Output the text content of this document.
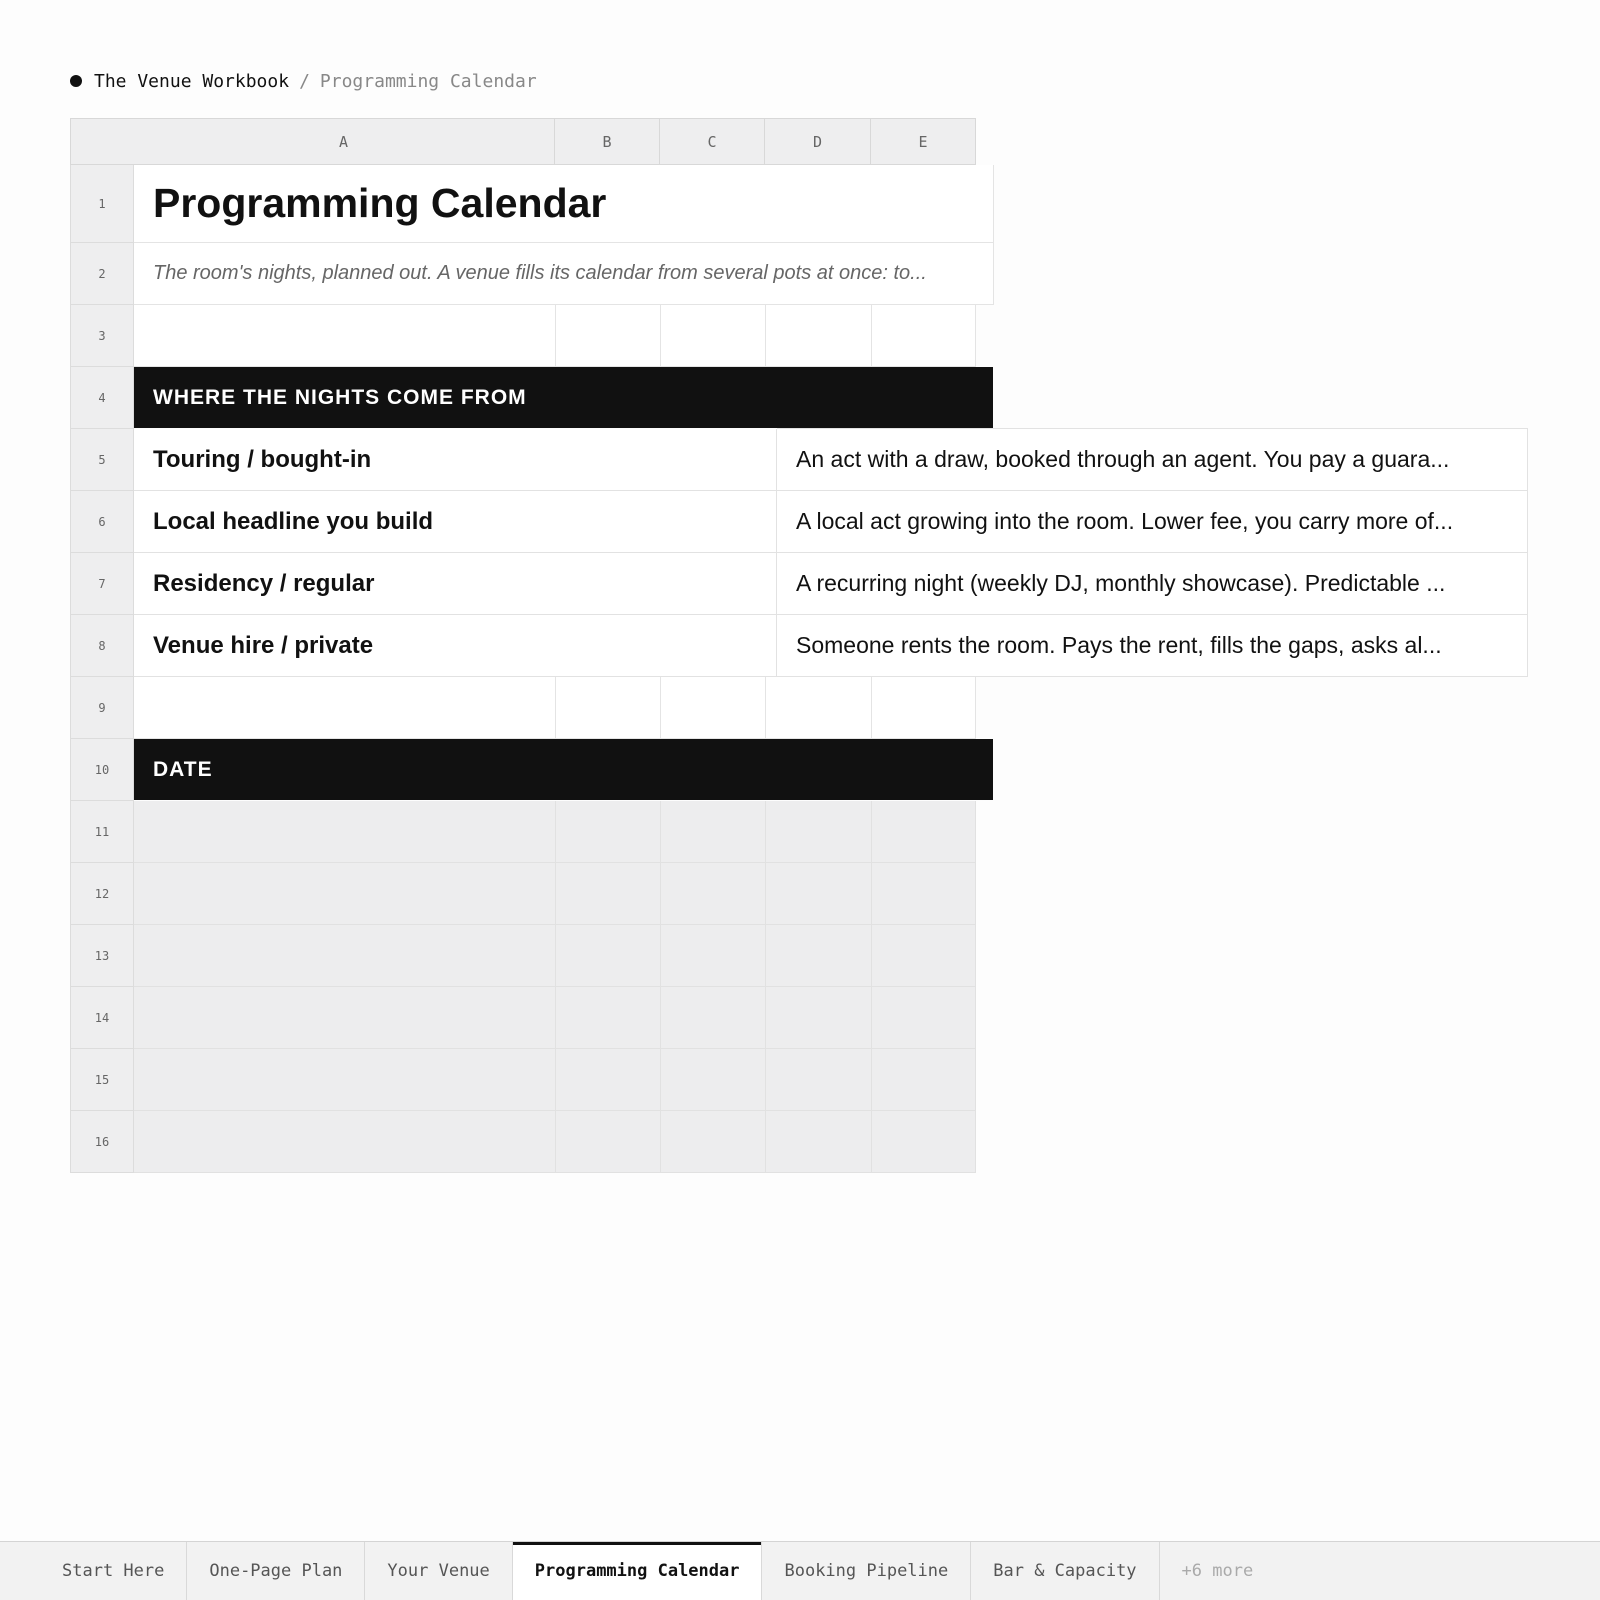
The Venue Workbook / Programming Calendar
A	B	C	D	E
1
2
3
4
5
6
7
8
9
10
11
12
13
14
15
16
Programming Calendar
The room's nights, planned out. A venue fills its calendar from several pots at once: to...
WHERE THE NIGHTS COME FROM
Touring / bought-in	An act with a draw, booked through an agent. You pay a guara...
Local headline you build	A local act growing into the room. Lower fee, you carry more of...
Residency / regular	A recurring night (weekly DJ, monthly showcase). Predictable ...
Venue hire / private	Someone rents the room. Pays the rent, fills the gaps, asks al...
DATE
Start Here	One-Page Plan	Your Venue	Programming Calendar	Booking Pipeline	Bar & Capacity	+6 more
